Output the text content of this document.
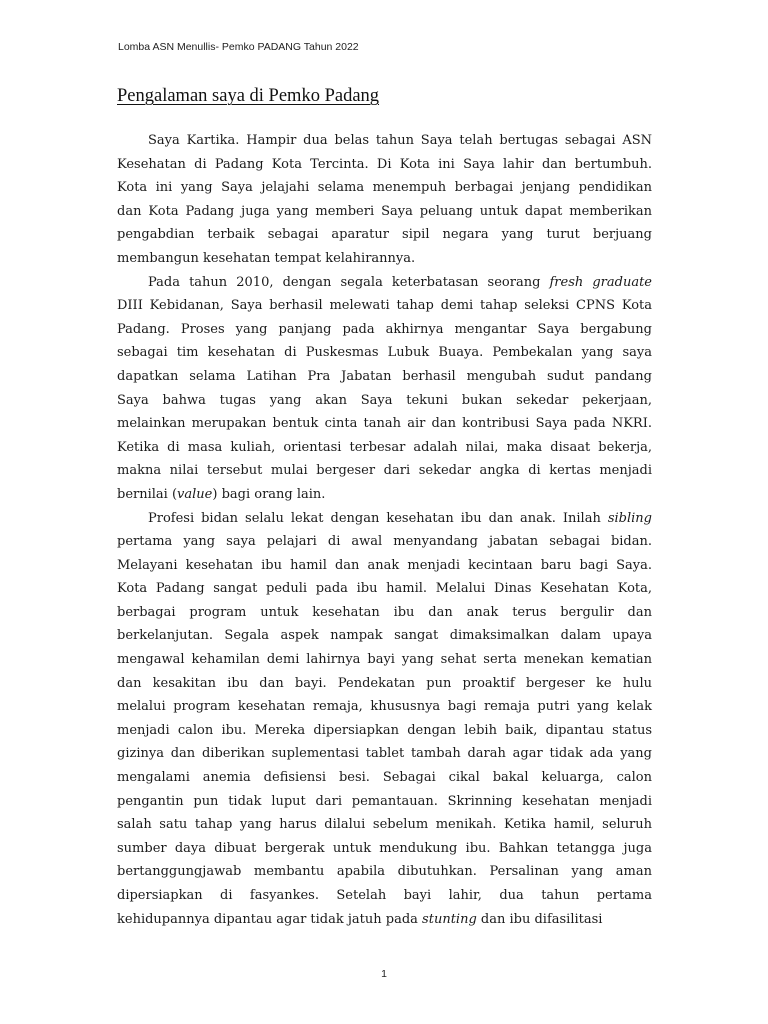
Lomba ASN Menullis- Pemko PADANG Tahun 2022
Pengalaman saya di Pemko Padang

Saya Kartika. Hampir dua belas tahun Saya telah bertugas sebagai ASN
Kesehatan di Padang Kota Tercinta. Di Kota ini Saya lahir dan bertumbuh.
Kota ini yang Saya jelajahi selama menempuh berbagai jenjang pendidikan
dan Kota Padang juga yang memberi Saya peluang untuk dapat memberikan
pengabdian terbaik sebagai aparatur sipil negara yang turut berjuang
membangun kesehatan tempat kelahirannya.

Pada tahun 2010, dengan segala keterbatasan seorang fresh graduate
DIII Kebidanan, Saya berhasil melewati tahap demi tahap seleksi CPNS Kota
Padang. Proses yang panjang pada akhirnya mengantar Saya bergabung
sebagai tim kesehatan di Puskesmas Lubuk Buaya. Pembekalan yang saya
dapatkan selama Latihan Pra Jabatan berhasil mengubah sudut pandang
Saya bahwa tugas yang akan Saya tekuni bukan sekedar pekerjaan,
melainkan merupakan bentuk cinta tanah air dan kontribusi Saya pada NKRI.
Ketika di masa kuliah, orientasi terbesar adalah nilai, maka disaat bekerja,
makna nilai tersebut mulai bergeser dari sekedar angka di kertas menjadi
bernilai (value) bagi orang lain.

Profesi bidan selalu lekat dengan kesehatan ibu dan anak. Inilah sibling
pertama yang saya pelajari di awal menyandang jabatan sebagai bidan.
Melayani kesehatan ibu hamil dan anak menjadi kecintaan baru bagi Saya.
Kota Padang sangat peduli pada ibu hamil. Melalui Dinas Kesehatan Kota,
berbagai program untuk kesehatan ibu dan anak terus bergulir dan
berkelanjutan. Segala aspek nampak sangat dimaksimalkan dalam upaya
mengawal kehamilan demi lahirnya bayi yang sehat serta menekan kematian
dan kesakitan ibu dan bayi. Pendekatan pun proaktif bergeser ke hulu
melalui program kesehatan remaja, khususnya bagi remaja putri yang kelak
menjadi calon ibu. Mereka dipersiapkan dengan lebih baik, dipantau status
gizinya dan diberikan suplementasi tablet tambah darah agar tidak ada yang
mengalami anemia defisiensi besi. Sebagai cikal bakal keluarga, calon
pengantin pun tidak luput dari pemantauan. Skrinning kesehatan menjadi
salah satu tahap yang harus dilalui sebelum menikah. Ketika hamil, seluruh
sumber daya dibuat bergerak untuk mendukung ibu. Bahkan tetangga juga
bertanggungjawab membantu apabila dibutuhkan. Persalinan yang aman
dipersiapkan di fasyankes. Setelah bayi lahir, dua tahun pertama
kehidupannya dipantau agar tidak jatuh pada stunting dan ibu difasilitasi

1
